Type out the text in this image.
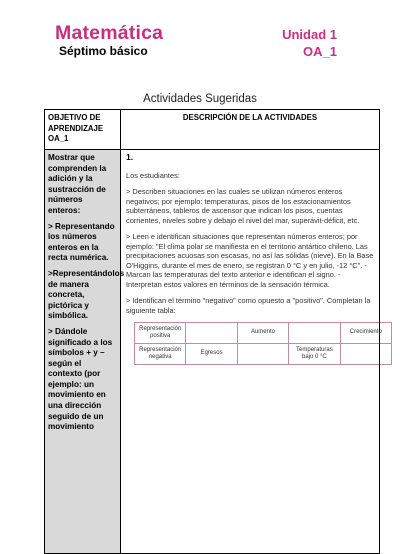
Matemática
Séptimo básico
Unidad 1
OA_1
Actividades Sugeridas
OBJETIVO DE APRENDIZAJE OA_1	DESCRIPCIÓN DE LA ACTIVIDADES

Mostrar que comprenden la adición y la sustracción de números enteros:

> Representando los números enteros en la recta numérica.

>Representándolos de manera concreta, pictórica y simbólica.

> Dándole significado a los símbolos + y – según el contexto (por ejemplo: un movimiento en una dirección seguido de un movimiento

1.

Los estudiantes:

> Describen situaciones en las cuales se utilizan números enteros negativos; por ejemplo: temperaturas, pisos de los estacionamientos subterráneos, tableros de ascensor que indican los pisos, cuentas corrientes, niveles sobre y debajo el nivel del mar, superávit-déficit, etc.

> Leen e identifican situaciones que representan números enteros; por ejemplo: "El clima polar se manifiesta en el territorio antártico chileno. Las precipitaciones acuosas son escasas, no así las sólidas (nieve). En la Base O'Higgins, durante el mes de enero, se registran 0 °C y en julio, -12 °C". - Marcan las temperaturas del texto anterior e identifican el signo. - Interpretan estos valores en términos de la sensación térmica.

> Identifican el término "negativo" como opuesto a "positivo". Completan la siguiente tabla:

Representación positiva		Aumento		Crecimiento
Representación negativa	Egresos		Temperaturas bajo 0 °C	
